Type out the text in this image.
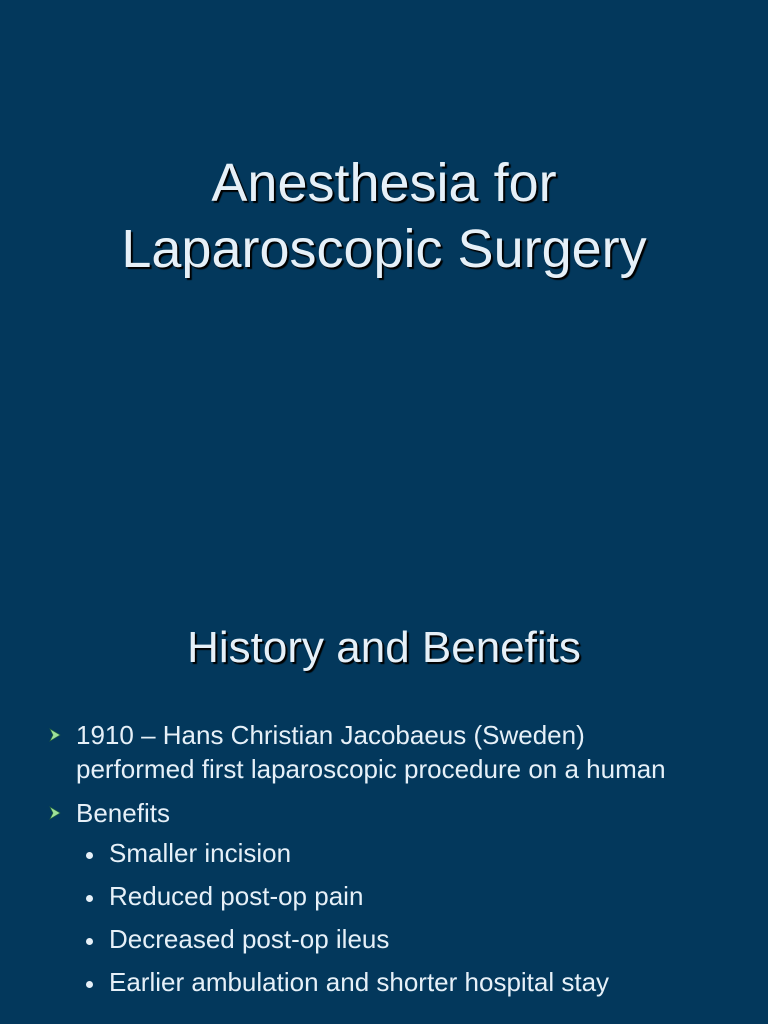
Anesthesia for
Laparoscopic Surgery
History and Benefits
1910 – Hans Christian Jacobaeus (Sweden) performed first laparoscopic procedure on a human
Benefits
Smaller incision
Reduced post-op pain
Decreased post-op ileus
Earlier ambulation and shorter hospital stay
